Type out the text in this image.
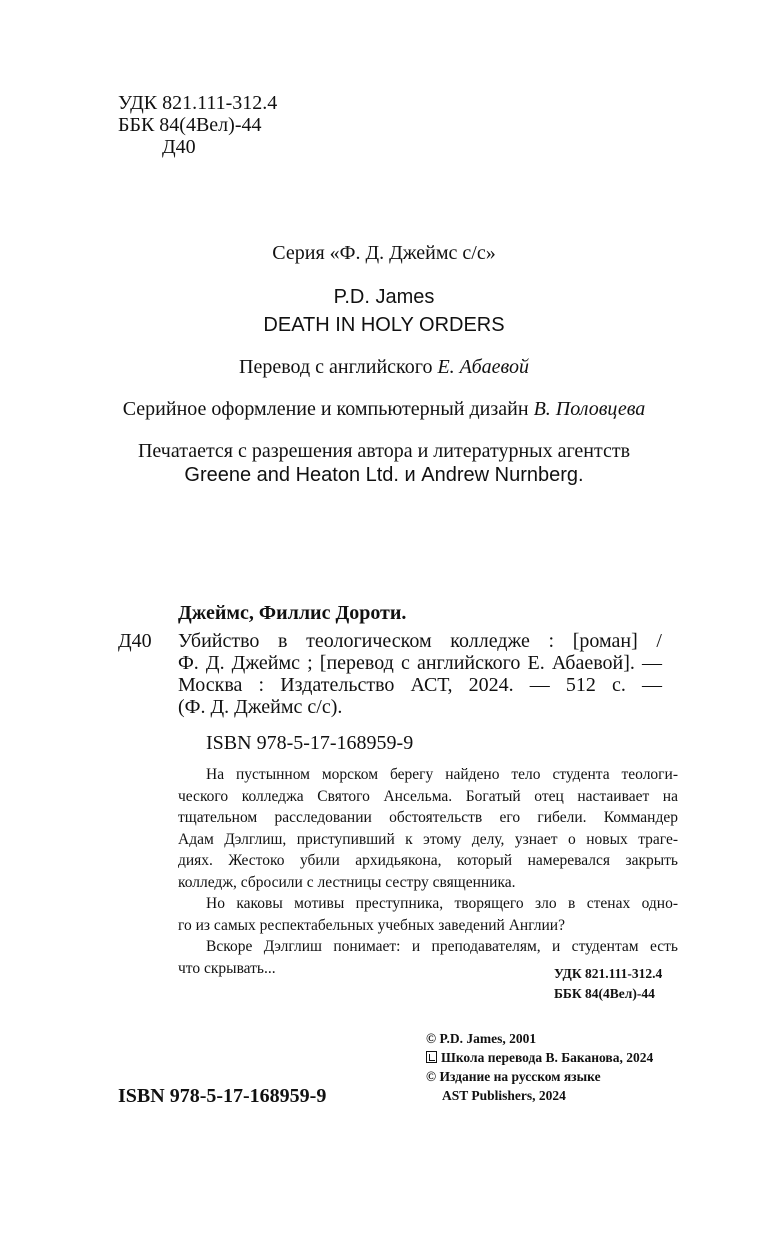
УДК 821.111-312.4
ББК 84(4Вел)-44
Д40
Серия «Ф. Д. Джеймс с/с»
P.D. James
DEATH IN HOLY ORDERS
Перевод с английского Е. Абаевой
Серийное оформление и компьютерный дизайн В. Половцева
Печатается с разрешения автора и литературных агентств
Greene and Heaton Ltd. и Andrew Nurnberg.
Джеймс, Филлис Дороти.
Д40 Убийство в теологическом колледже : [роман] /
Ф. Д. Джеймс ; [перевод с английского Е. Абаевой]. —
Москва : Издательство АСТ, 2024. — 512 с. —
(Ф. Д. Джеймс с/с).
ISBN 978-5-17-168959-9
На пустынном морском берегу найдено тело студента теологи-
ческого колледжа Святого Ансельма. Богатый отец настаивает на
тщательном расследовании обстоятельств его гибели. Коммандер
Адам Дэлглиш, приступивший к этому делу, узнает о новых траге-
диях. Жестоко убили архидьякона, который намеревался закрыть
колледж, сбросили с лестницы сестру священника.
Но каковы мотивы преступника, творящего зло в стенах одно-
го из самых респектабельных учебных заведений Англии?
Вскоре Дэлглиш понимает: и преподавателям, и студентам есть
что скрывать...	УДК 821.111-312.4
ББК 84(4Вел)-44
© P.D. James, 2001
Школа перевода В. Баканова, 2024
© Издание на русском языке
AST Publishers, 2024
ISBN 978-5-17-168959-9
